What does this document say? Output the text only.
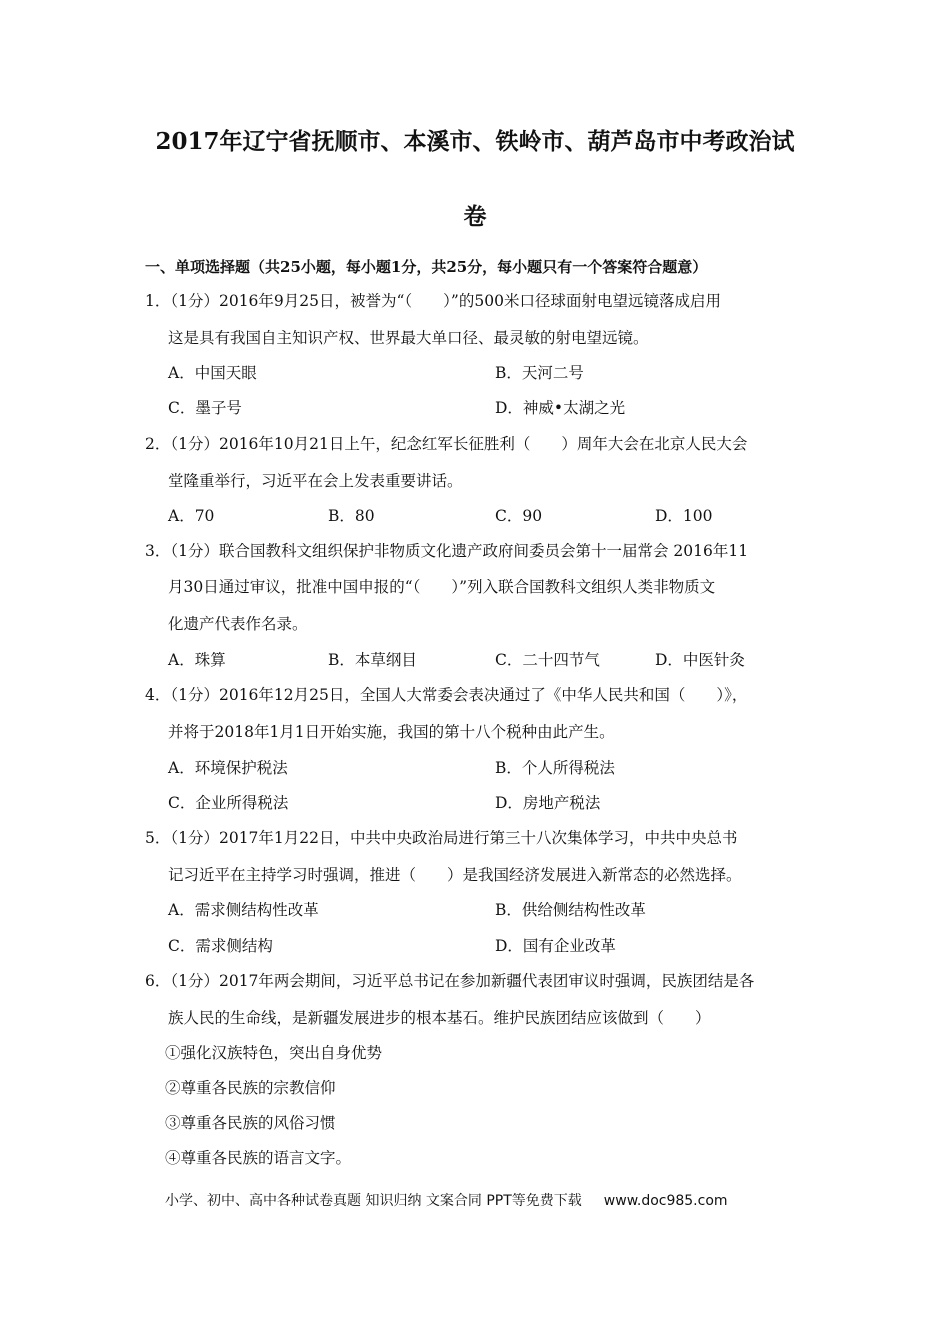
2017年辽宁省抚顺市、本溪市、铁岭市、葫芦岛市中考政治试
卷
一、单项选择题（共25小题，每小题1分，共25分，每小题只有一个答案符合题意）
1．（1分）2016年9月25日，被誉为“（　　）”的500米口径球面射电望远镜落成启用
这是具有我国自主知识产权、世界最大单口径、最灵敏的射电望远镜。
A．中国天眼	B．天河二号
C．墨子号	D．神威•太湖之光
2．（1分）2016年10月21日上午，纪念红军长征胜利（　　）周年大会在北京人民大会
堂隆重举行，习近平在会上发表重要讲话。
A．70	B．80	C．90	D．100
3．（1分）联合国教科文组织保护非物质文化遗产政府间委员会第十一届常会 2016年11
月30日通过审议，批准中国申报的“（　　）”列入联合国教科文组织人类非物质文
化遗产代表作名录。
A．珠算	B．本草纲目	C．二十四节气	D．中医针灸
4．（1分）2016年12月25日，全国人大常委会表决通过了《中华人民共和国（　　）》，
并将于2018年1月1日开始实施，我国的第十八个税种由此产生。
A．环境保护税法	B．个人所得税法
C．企业所得税法	D．房地产税法
5．（1分）2017年1月22日，中共中央政治局进行第三十八次集体学习，中共中央总书
记习近平在主持学习时强调，推进（　　）是我国经济发展进入新常态的必然选择。
A．需求侧结构性改革	B．供给侧结构性改革
C．需求侧结构	D．国有企业改革
6．（1分）2017年两会期间，习近平总书记在参加新疆代表团审议时强调，民族团结是各
族人民的生命线，是新疆发展进步的根本基石。维护民族团结应该做到（　　）
①强化汉族特色，突出自身优势
②尊重各民族的宗教信仰
③尊重各民族的风俗习惯
④尊重各民族的语言文字。
小学、初中、高中各种试卷真题 知识归纳 文案合同 PPT等免费下载 www.doc985.com
